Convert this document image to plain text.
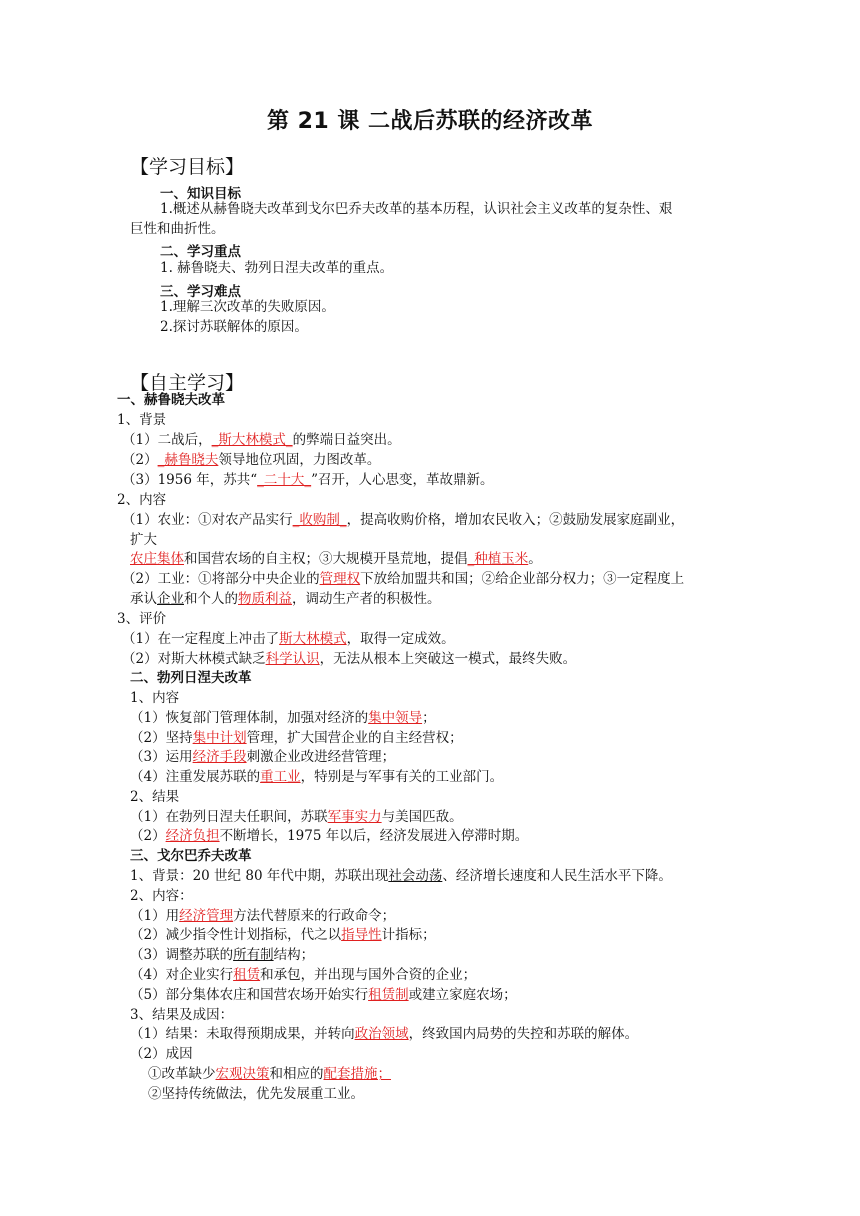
第 21 课 二战后苏联的经济改革
【学习目标】
一、知识目标
1.概述从赫鲁晓夫改革到戈尔巴乔夫改革的基本历程，认识社会主义改革的复杂性、艰
巨性和曲折性。
二、学习重点
1. 赫鲁晓夫、勃列日涅夫改革的重点。
三、学习难点
1.理解三次改革的失败原因。
2.探讨苏联解体的原因。
【自主学习】
一、赫鲁晓夫改革
1、背景
（1）二战后，_斯大林模式_的弊端日益突出。
（2）_赫鲁晓夫领导地位巩固，力图改革。
（3）1956 年，苏共“_二十大_”召开，人心思变，革故鼎新。
2、内容
（1）农业：①对农产品实行_收购制_，提高收购价格，增加农民收入；②鼓励发展家庭副业，
扩大
农庄集体和国营农场的自主权；③大规模开垦荒地，提倡_种植玉米。
（2）工业：①将部分中央企业的管理权下放给加盟共和国；②给企业部分权力；③一定程度上
承认企业和个人的物质利益，调动生产者的积极性。
3、评价
（1）在一定程度上冲击了斯大林模式，取得一定成效。
（2）对斯大林模式缺乏科学认识，无法从根本上突破这一模式，最终失败。
二、勃列日涅夫改革
1、内容
（1）恢复部门管理体制，加强对经济的集中领导；
（2）坚持集中计划管理，扩大国营企业的自主经营权；
（3）运用经济手段刺激企业改进经营管理；
（4）注重发展苏联的重工业，特别是与军事有关的工业部门。
2、结果
（1）在勃列日涅夫任职间，苏联军事实力与美国匹敌。
（2）经济负担不断增长，1975 年以后，经济发展进入停滞时期。
三、戈尔巴乔夫改革
1、背景：20 世纪 80 年代中期，苏联出现社会动荡、经济增长速度和人民生活水平下降。
2、内容：
（1）用经济管理方法代替原来的行政命令；
（2）减少指令性计划指标，代之以指导性计指标；
（3）调整苏联的所有制结构；
（4）对企业实行租赁和承包，并出现与国外合资的企业；
（5）部分集体农庄和国营农场开始实行租赁制或建立家庭农场；
3、结果及成因：
（1）结果：未取得预期成果，并转向政治领域，终致国内局势的失控和苏联的解体。
（2）成因
①改革缺少宏观决策和相应的配套措施；
②坚持传统做法，优先发展重工业。
